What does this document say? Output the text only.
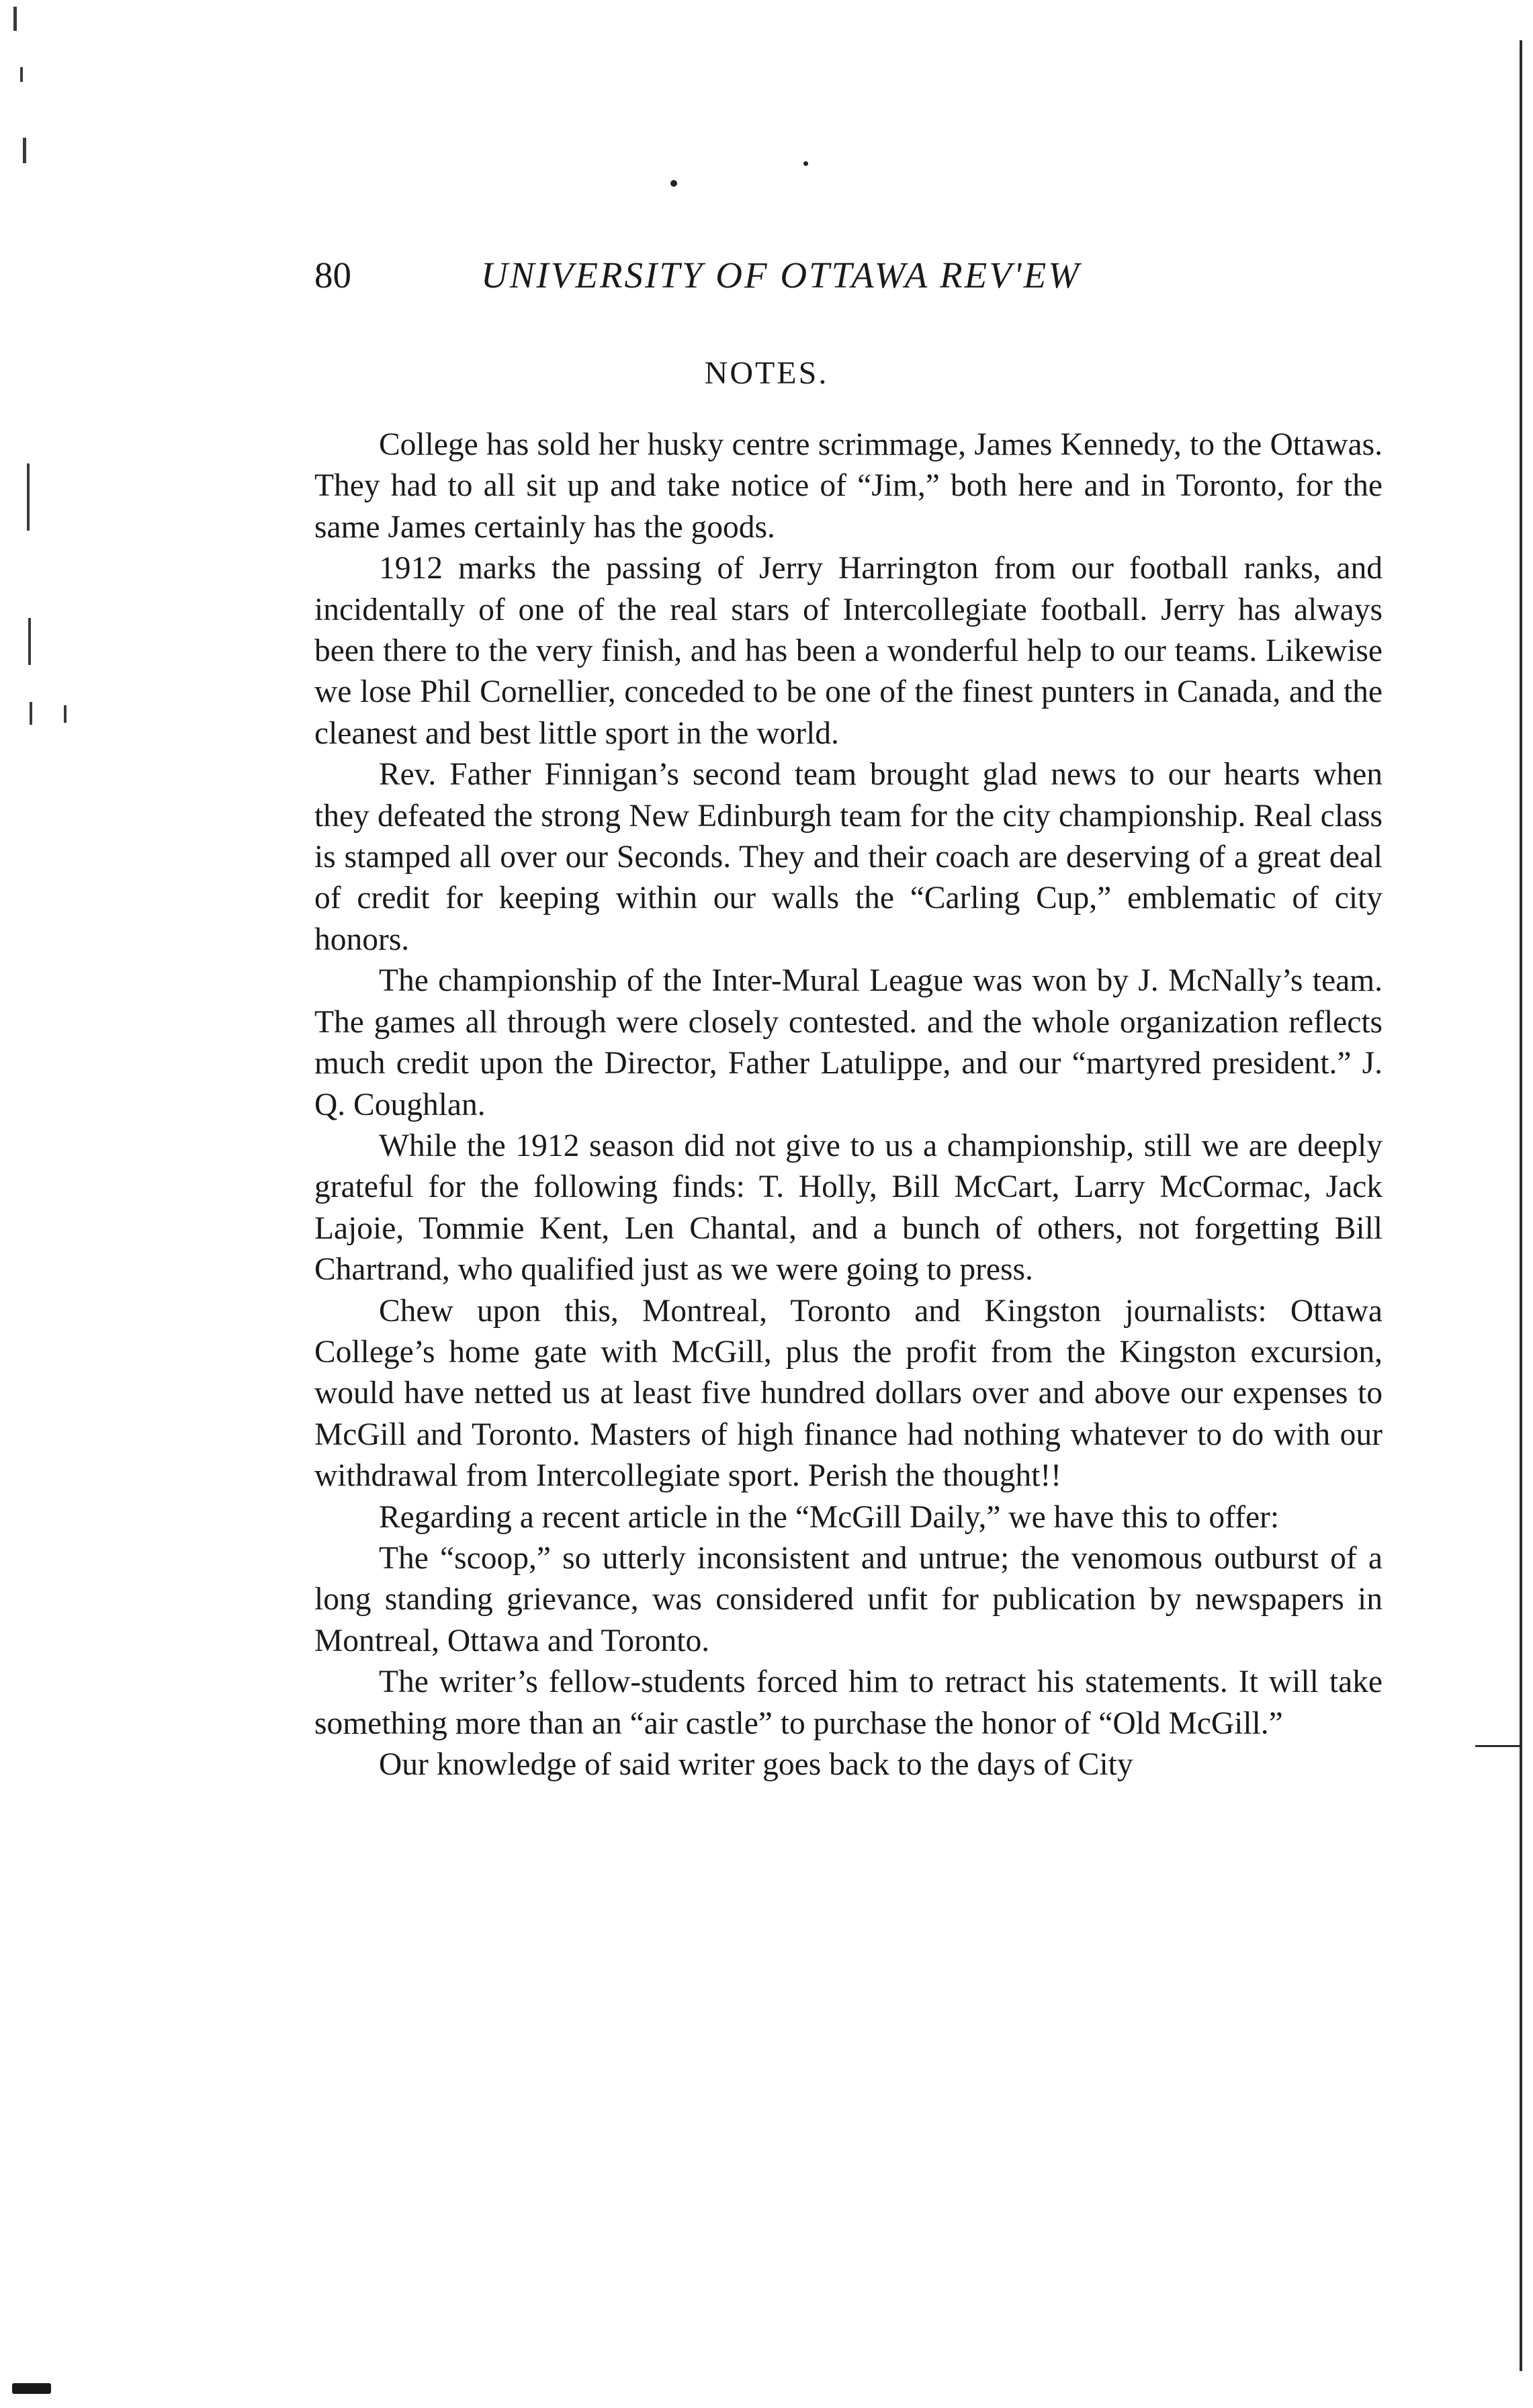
80	UNIVERSITY OF OTTAWA REV'EW
NOTES.

College has sold her husky centre scrimmage, James Kennedy, to the Ottawas. They had to all sit up and take notice of “Jim,” both here and in Toronto, for the same James certainly has the goods.

1912 marks the passing of Jerry Harrington from our football ranks, and incidentally of one of the real stars of Intercollegiate football. Jerry has always been there to the very finish, and has been a wonderful help to our teams. Likewise we lose Phil Cornellier, conceded to be one of the finest punters in Canada, and the cleanest and best little sport in the world.

Rev. Father Finnigan’s second team brought glad news to our hearts when they defeated the strong New Edinburgh team for the city championship. Real class is stamped all over our Seconds. They and their coach are deserving of a great deal of credit for keeping within our walls the “Carling Cup,” emblematic of city honors.

The championship of the Inter-Mural League was won by J. McNally’s team. The games all through were closely contested. and the whole organization reflects much credit upon the Director, Father Latulippe, and our “martyred president.” J. Q. Coughlan.

While the 1912 season did not give to us a championship, still we are deeply grateful for the following finds: T. Holly, Bill McCart, Larry McCormac, Jack Lajoie, Tommie Kent, Len Chantal, and a bunch of others, not forgetting Bill Chartrand, who qualified just as we were going to press.

Chew upon this, Montreal, Toronto and Kingston journalists: Ottawa College’s home gate with McGill, plus the profit from the Kingston excursion, would have netted us at least five hundred dollars over and above our expenses to McGill and Toronto. Masters of high finance had nothing whatever to do with our withdrawal from Intercollegiate sport. Perish the thought!!

Regarding a recent article in the “McGill Daily,” we have this to offer:

The “scoop,” so utterly inconsistent and untrue; the venomous outburst of a long standing grievance, was considered unfit for publication by newspapers in Montreal, Ottawa and Toronto.

The writer’s fellow-students forced him to retract his statements. It will take something more than an “air castle” to purchase the honor of “Old McGill.”

Our knowledge of said writer goes back to the days of City
